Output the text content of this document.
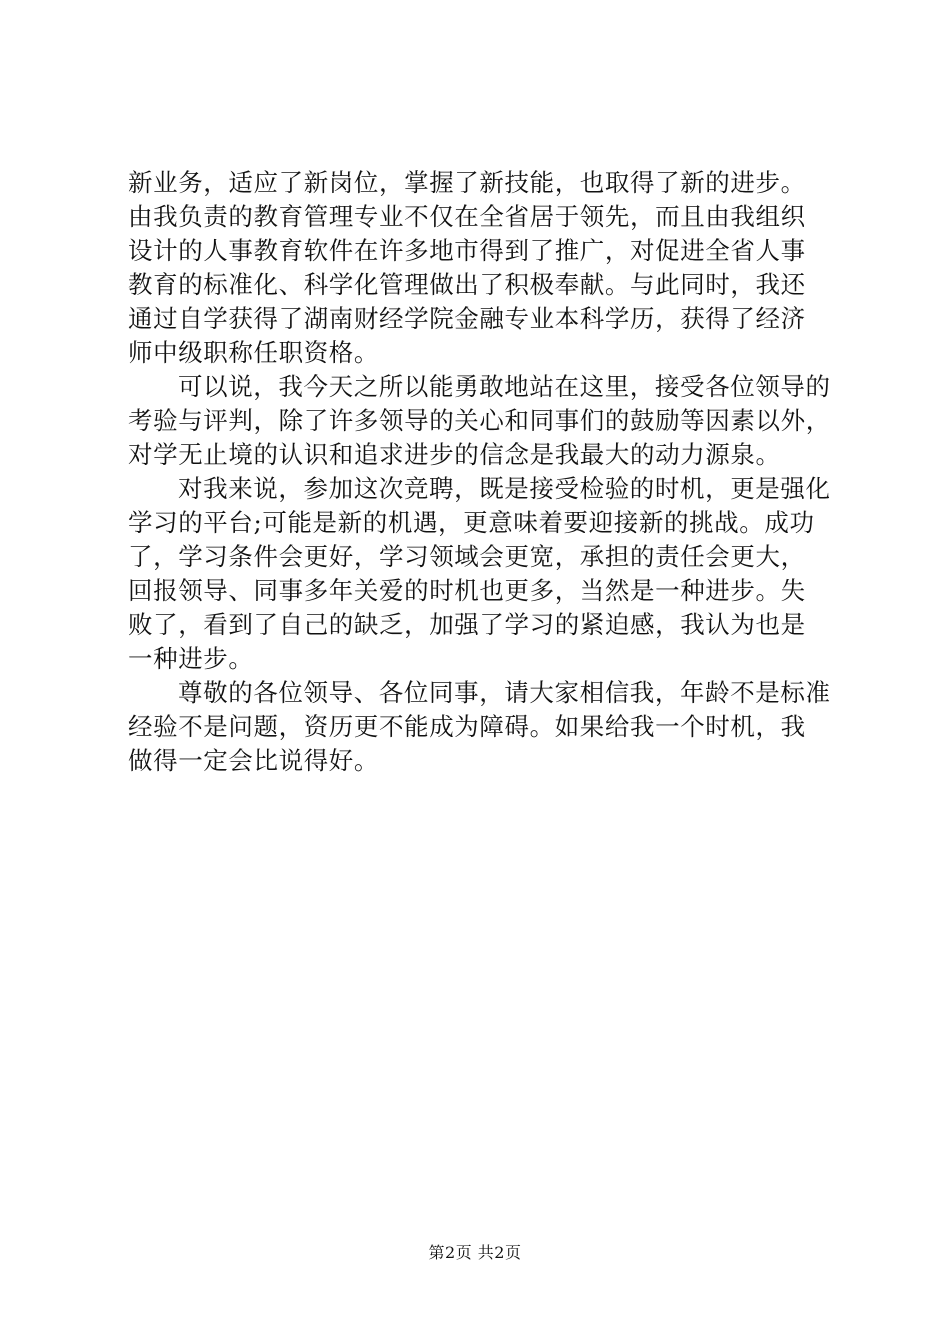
新业务，适应了新岗位，掌握了新技能，也取得了新的进步。
由我负责的教育管理专业不仅在全省居于领先，而且由我组织
设计的人事教育软件在许多地市得到了推广，对促进全省人事
教育的标准化、科学化管理做出了积极奉献。与此同时，我还
通过自学获得了湖南财经学院金融专业本科学历，获得了经济
师中级职称任职资格。
可以说，我今天之所以能勇敢地站在这里，接受各位领导的
考验与评判，除了许多领导的关心和同事们的鼓励等因素以外，
对学无止境的认识和追求进步的信念是我最大的动力源泉。
对我来说，参加这次竞聘，既是接受检验的时机，更是强化
学习的平台;可能是新的机遇，更意味着要迎接新的挑战。成功
了，学习条件会更好，学习领域会更宽，承担的责任会更大，
回报领导、同事多年关爱的时机也更多，当然是一种进步。失
败了，看到了自己的缺乏，加强了学习的紧迫感，我认为也是
一种进步。
尊敬的各位领导、各位同事，请大家相信我，年龄不是标准
经验不是问题，资历更不能成为障碍。如果给我一个时机，我
做得一定会比说得好。
第2页 共2页
